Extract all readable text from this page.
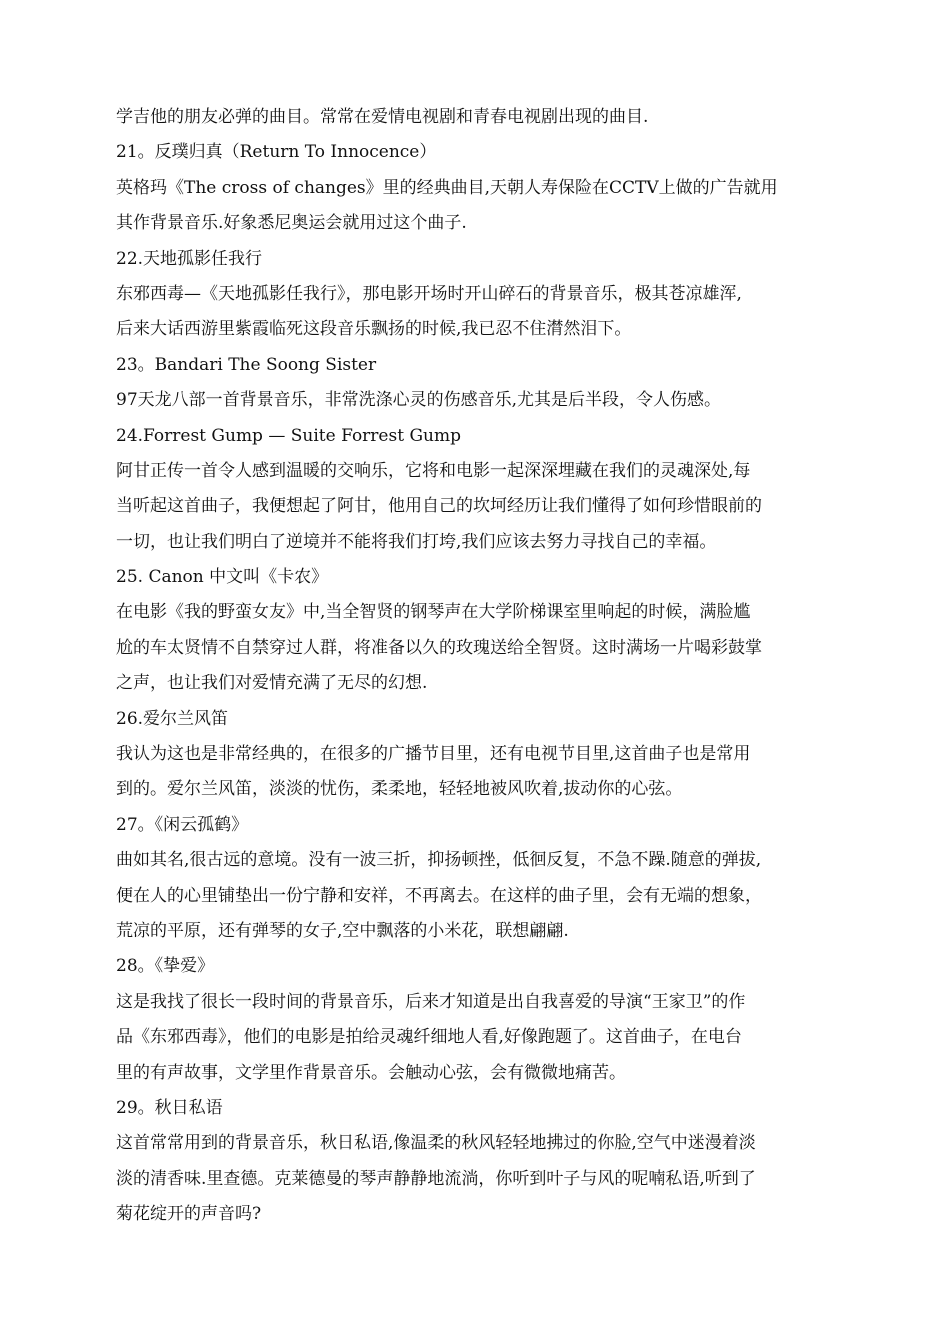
学吉他的朋友必弹的曲目。常常在爱情电视剧和青春电视剧出现的曲目.
21。反璞归真（Return To Innocence）
英格玛《The cross of changes》里的经典曲目,天朝人寿保险在CCTV上做的广告就用
其作背景音乐.好象悉尼奥运会就用过这个曲子.
22.天地孤影任我行
东邪西毒—《天地孤影任我行》，那电影开场时开山碎石的背景音乐，极其苍凉雄浑,
后来大话西游里紫霞临死这段音乐飘扬的时候,我已忍不住潸然泪下。
23。Bandari The Soong Sister
97天龙八部一首背景音乐，非常洗涤心灵的伤感音乐,尤其是后半段，令人伤感。
24.Forrest Gump — Suite Forrest Gump
阿甘正传一首令人感到温暖的交响乐，它将和电影一起深深埋藏在我们的灵魂深处,每
当听起这首曲子，我便想起了阿甘，他用自己的坎坷经历让我们懂得了如何珍惜眼前的
一切，也让我们明白了逆境并不能将我们打垮,我们应该去努力寻找自己的幸福。
25. Canon 中文叫《卡农》
在电影《我的野蛮女友》中,当全智贤的钢琴声在大学阶梯课室里响起的时候，满脸尴
尬的车太贤情不自禁穿过人群，将准备以久的玫瑰送给全智贤。这时满场一片喝彩鼓掌
之声，也让我们对爱情充满了无尽的幻想.
26.爱尔兰风笛
我认为这也是非常经典的，在很多的广播节目里，还有电视节目里,这首曲子也是常用
到的。爱尔兰风笛，淡淡的忧伤，柔柔地，轻轻地被风吹着,拔动你的心弦。
27。《闲云孤鹤》
曲如其名,很古远的意境。没有一波三折，抑扬顿挫，低徊反复，不急不躁.随意的弹拔,
便在人的心里铺垫出一份宁静和安祥，不再离去。在这样的曲子里，会有无端的想象，
荒凉的平原，还有弹琴的女子,空中飘落的小米花，联想翩翩.
28。《挚爱》
这是我找了很长一段时间的背景音乐，后来才知道是出自我喜爱的导演“王家卫”的作
品《东邪西毒》，他们的电影是拍给灵魂纤细地人看,好像跑题了。这首曲子，在电台
里的有声故事，文学里作背景音乐。会触动心弦，会有微微地痛苦。
29。秋日私语
这首常常用到的背景音乐，秋日私语,像温柔的秋风轻轻地拂过的你脸,空气中迷漫着淡
淡的清香味.里查德。克莱德曼的琴声静静地流淌，你听到叶子与风的呢喃私语,听到了
菊花绽开的声音吗?
